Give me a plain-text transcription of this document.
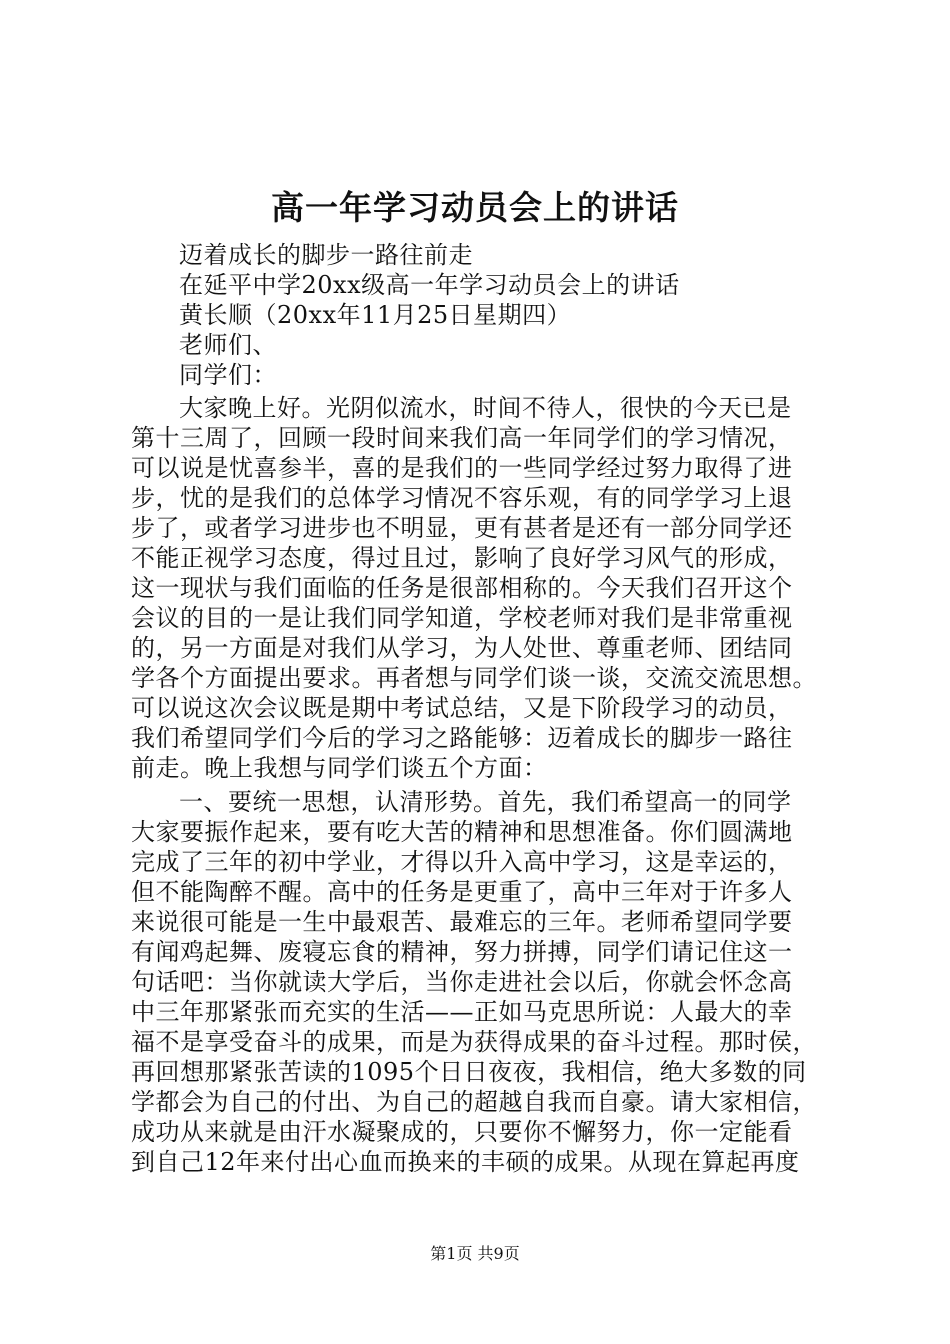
高一年学习动员会上的讲话
迈着成长的脚步一路往前走
在延平中学20xx级高一年学习动员会上的讲话
黄长顺（20xx年11月25日星期四）
老师们、
同学们：
大家晚上好。光阴似流水，时间不待人，很快的今天已是
第十三周了，回顾一段时间来我们高一年同学们的学习情况，
可以说是忧喜参半，喜的是我们的一些同学经过努力取得了进
步，忧的是我们的总体学习情况不容乐观，有的同学学习上退
步了，或者学习进步也不明显，更有甚者是还有一部分同学还
不能正视学习态度，得过且过，影响了良好学习风气的形成，
这一现状与我们面临的任务是很部相称的。今天我们召开这个
会议的目的一是让我们同学知道，学校老师对我们是非常重视
的，另一方面是对我们从学习，为人处世、尊重老师、团结同
学各个方面提出要求。再者想与同学们谈一谈，交流交流思想。
可以说这次会议既是期中考试总结，又是下阶段学习的动员，
我们希望同学们今后的学习之路能够：迈着成长的脚步一路往
前走。晚上我想与同学们谈五个方面：
一、要统一思想，认清形势。首先，我们希望高一的同学
大家要振作起来，要有吃大苦的精神和思想准备。你们圆满地
完成了三年的初中学业，才得以升入高中学习，这是幸运的，
但不能陶醉不醒。高中的任务是更重了，高中三年对于许多人
来说很可能是一生中最艰苦、最难忘的三年。老师希望同学要
有闻鸡起舞、废寝忘食的精神，努力拼搏，同学们请记住这一
句话吧：当你就读大学后，当你走进社会以后，你就会怀念高
中三年那紧张而充实的生活——正如马克思所说：人最大的幸
福不是享受奋斗的成果，而是为获得成果的奋斗过程。那时侯，
再回想那紧张苦读的1095个日日夜夜，我相信，绝大多数的同
学都会为自己的付出、为自己的超越自我而自豪。请大家相信，
成功从来就是由汗水凝聚成的，只要你不懈努力，你一定能看
到自己12年来付出心血而换来的丰硕的成果。从现在算起再度
第1页 共9页
